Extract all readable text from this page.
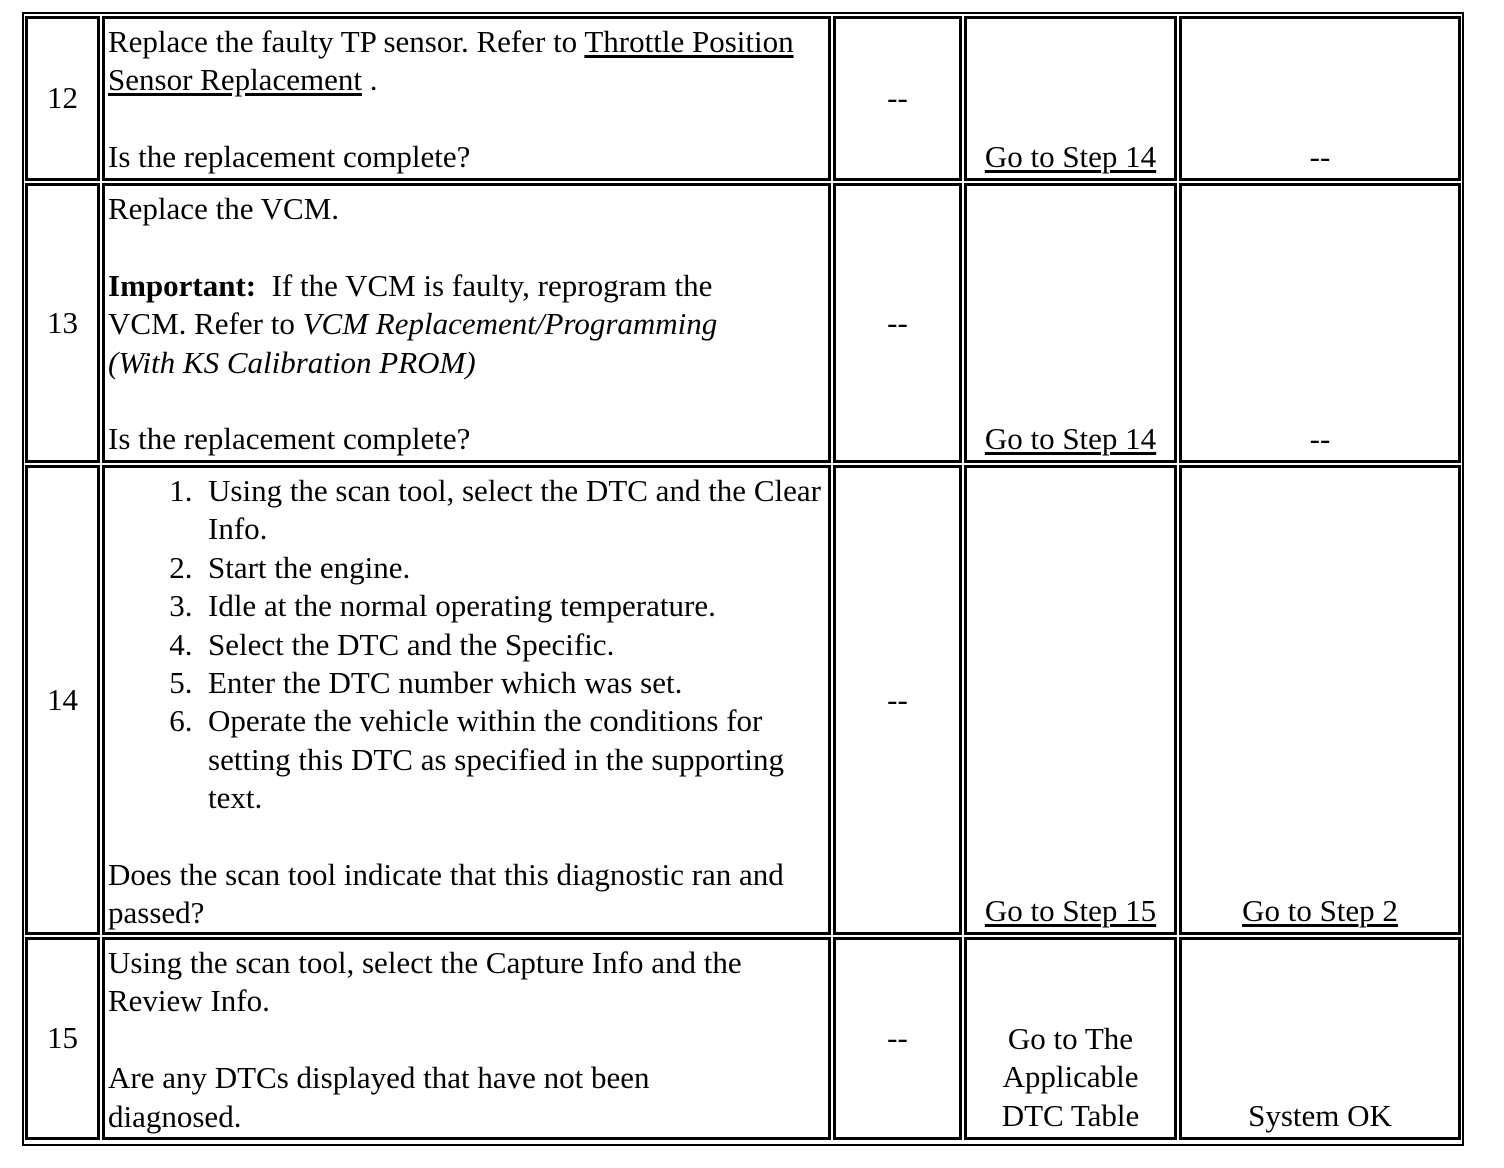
12

Replace the faulty TP sensor. Refer to Throttle Position Sensor Replacement .

Is the replacement complete?

--
Go to Step 14	--
13

Replace the VCM.

Important:  If the VCM is faulty, reprogram the VCM. Refer to VCM Replacement/Programming (With KS Calibration PROM)

Is the replacement complete?

--
Go to Step 14	--
14
1. Using the scan tool, select the DTC and the Clear Info.
2. Start the engine.
3. Idle at the normal operating temperature.
4. Select the DTC and the Specific.
5. Enter the DTC number which was set.
6. Operate the vehicle within the conditions for setting this DTC as specified in the supporting text.

Does the scan tool indicate that this diagnostic ran and passed?

--
Go to Step 15	Go to Step 2
15

Using the scan tool, select the Capture Info and the Review Info.

Are any DTCs displayed that have not been diagnosed.

--	Go to The
Applicable
DTC Table	System OK
